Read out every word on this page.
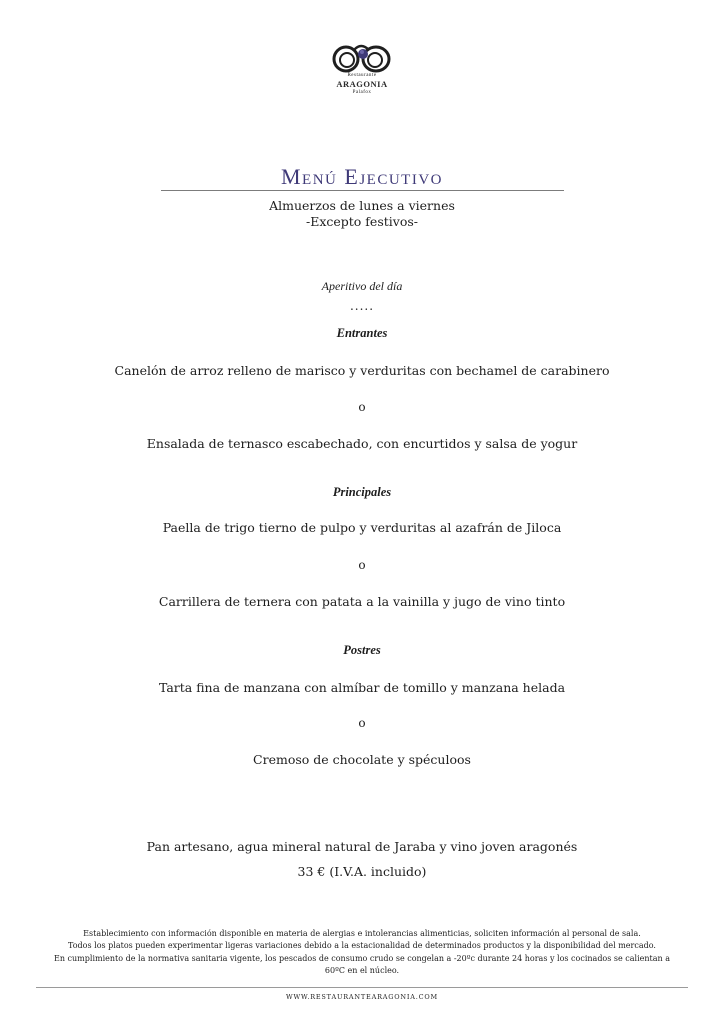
Restaurante
ARAGONIA
Palafox
Menú Ejecutivo
Almuerzos de lunes a viernes
-Excepto festivos-
Aperitivo del día
.....
Entrantes
Canelón de arroz relleno de marisco y verduritas con bechamel de carabinero
o
Ensalada de ternasco escabechado, con encurtidos y salsa de yogur
Principales
Paella de trigo tierno de pulpo y verduritas al azafrán de Jiloca
o
Carrillera de ternera con patata a la vainilla y jugo de vino tinto
Postres
Tarta fina de manzana con almíbar de tomillo y manzana helada
o
Cremoso de chocolate y spéculoos
Pan artesano, agua mineral natural de Jaraba y vino joven aragonés
33 € (I.V.A. incluido)
Establecimiento con información disponible en materia de alergias e intolerancias alimenticias, soliciten información al personal de sala.
Todos los platos pueden experimentar ligeras variaciones debido a la estacionalidad de determinados productos y la disponibilidad del mercado.
En cumplimiento de la normativa sanitaria vigente, los pescados de consumo crudo se congelan a -20ºc durante 24 horas y los cocinados se calientan a
60ºC en el núcleo.
WWW.RESTAURANTEARAGONIA.COM
